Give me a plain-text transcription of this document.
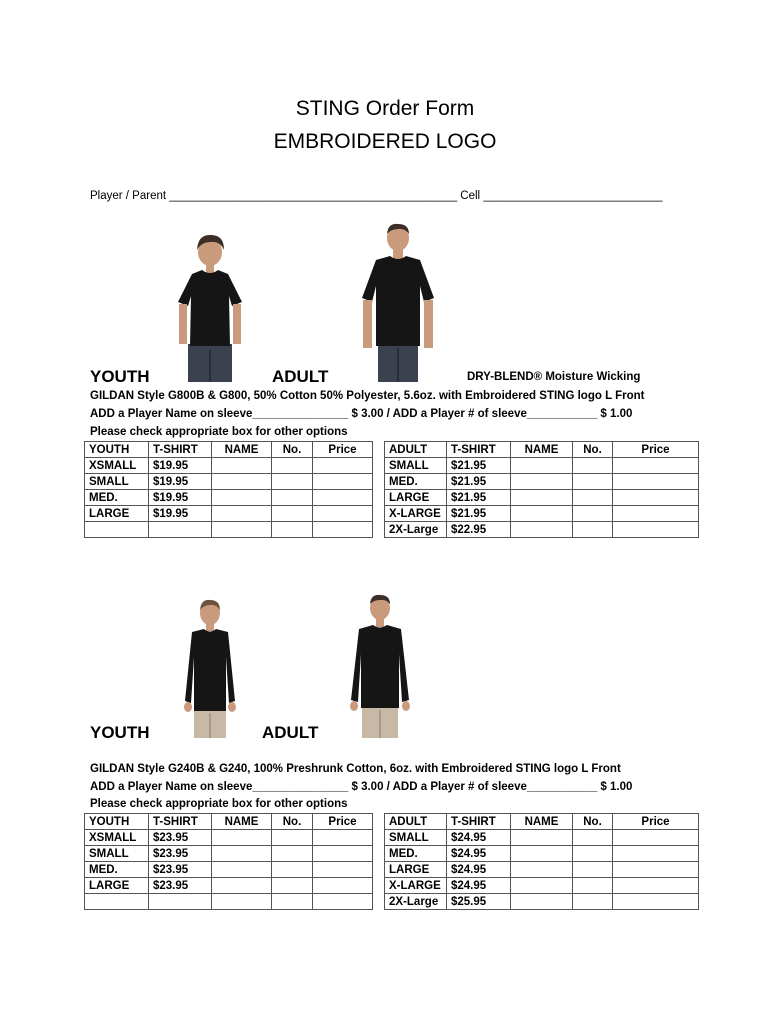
STING Order Form
EMBROIDERED LOGO
Player / Parent _____________________________________________ Cell ____________________________
YOUTH	ADULT	DRY-BLEND® Moisture Wicking
GILDAN Style G800B & G800, 50% Cotton 50% Polyester, 5.6oz. with Embroidered STING logo L Front
ADD a Player Name on sleeve_______________ $ 3.00 / ADD a Player # of sleeve___________ $ 1.00
Please check appropriate box for other options
YOUTH	T-SHIRT	NAME	No.	Price
XSMALL	$19.95			
SMALL	$19.95			
MED.	$19.95			
LARGE	$19.95			

ADULT	T-SHIRT	NAME	No.	Price
SMALL	$21.95			
MED.	$21.95			
LARGE	$21.95			
X-LARGE	$21.95			
2X-Large	$22.95			
YOUTH	ADULT
GILDAN Style G240B & G240, 100% Preshrunk Cotton, 6oz. with Embroidered STING logo L Front
ADD a Player Name on sleeve_______________ $ 3.00 / ADD a Player # of sleeve___________ $ 1.00
Please check appropriate box for other options
YOUTH	T-SHIRT	NAME	No.	Price
XSMALL	$23.95			
SMALL	$23.95			
MED.	$23.95			
LARGE	$23.95			

ADULT	T-SHIRT	NAME	No.	Price
SMALL	$24.95			
MED.	$24.95			
LARGE	$24.95			
X-LARGE	$24.95			
2X-Large	$25.95			
